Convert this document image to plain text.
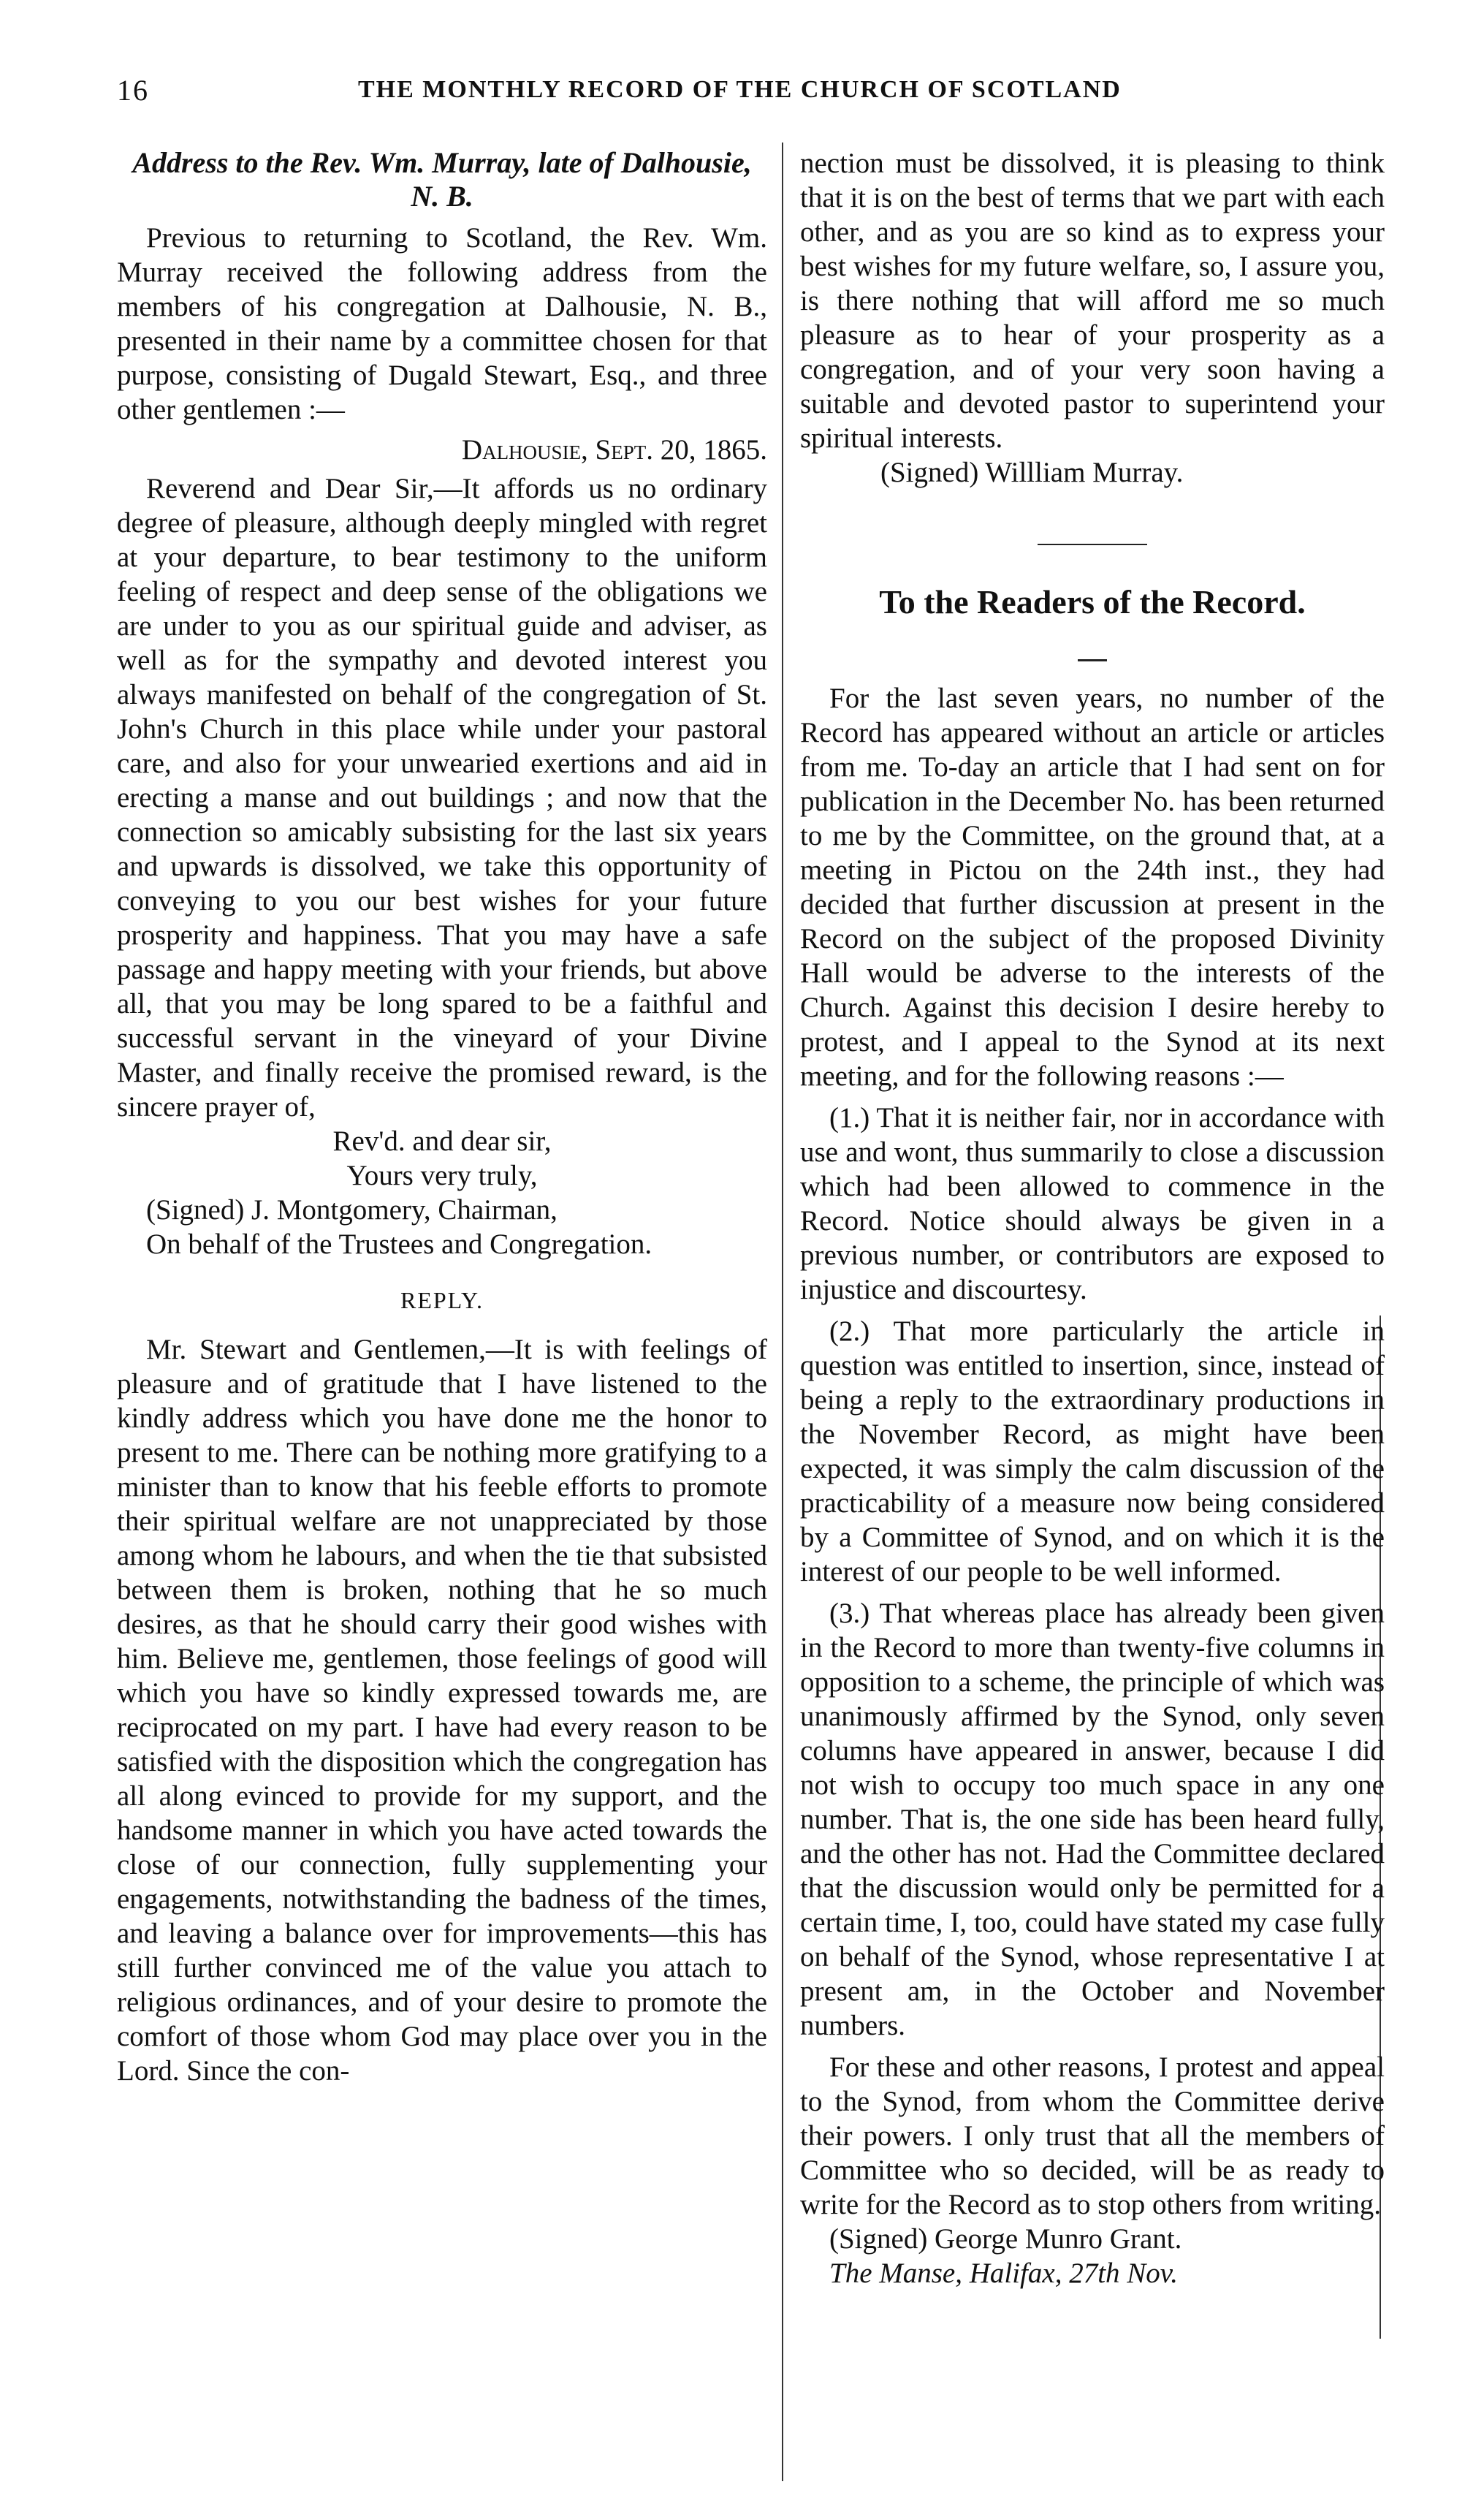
16	THE MONTHLY RECORD OF THE CHURCH OF SCOTLAND
Address to the Rev. Wm. Murray, late of Dalhousie, N. B.

Previous to returning to Scotland, the Rev. Wm. Murray received the following address from the members of his congregation at Dalhousie, N. B., presented in their name by a committee chosen for that purpose, consisting of Dugald Stewart, Esq., and three other gentlemen :—

Dalhousie, Sept. 20, 1865.

Reverend and Dear Sir,—It affords us no ordinary degree of pleasure, although deeply mingled with regret at your departure, to bear testimony to the uniform feeling of respect and deep sense of the obligations we are under to you as our spiritual guide and adviser, as well as for the sympathy and devoted interest you always manifested on behalf of the congregation of St. John's Church in this place while under your pastoral care, and also for your unwearied exertions and aid in erecting a manse and out buildings ; and now that the connection so amicably subsisting for the last six years and upwards is dissolved, we take this opportunity of conveying to you our best wishes for your future prosperity and happiness. That you may have a safe passage and happy meeting with your friends, but above all, that you may be long spared to be a faithful and successful servant in the vineyard of your Divine Master, and finally receive the promised reward, is the sincere prayer of,

Rev'd. and dear sir,

Yours very truly,

(Signed) J. Montgomery, Chairman,

On behalf of the Trustees and Congregation.

REPLY.

Mr. Stewart and Gentlemen,—It is with feelings of pleasure and of gratitude that I have listened to the kindly address which you have done me the honor to present to me. There can be nothing more gratifying to a minister than to know that his feeble efforts to promote their spiritual welfare are not unappreciated by those among whom he labours, and when the tie that subsisted between them is broken, nothing that he so much desires, as that he should carry their good wishes with him. Believe me, gentlemen, those feelings of good will which you have so kindly expressed towards me, are reciprocated on my part. I have had every reason to be satisfied with the disposition which the congregation has all along evinced to provide for my support, and the handsome manner in which you have acted towards the close of our connection, fully supplementing your engagements, notwithstanding the badness of the times, and leaving a balance over for improvements—this has still further convinced me of the value you attach to religious ordinances, and of your desire to promote the comfort of those whom God may place over you in the Lord. Since the con-

nection must be dissolved, it is pleasing to think that it is on the best of terms that we part with each other, and as you are so kind as to express your best wishes for my future welfare, so, I assure you, is there nothing that will afford me so much pleasure as to hear of your prosperity as a congregation, and of your very soon having a suitable and devoted pastor to superintend your spiritual interests.

(Signed) Willliam Murray.

To the Readers of the Record.

For the last seven years, no number of the Record has appeared without an article or articles from me. To-day an article that I had sent on for publication in the December No. has been returned to me by the Committee, on the ground that, at a meeting in Pictou on the 24th inst., they had decided that further discussion at present in the Record on the subject of the proposed Divinity Hall would be adverse to the interests of the Church. Against this decision I desire hereby to protest, and I appeal to the Synod at its next meeting, and for the following reasons :—

(1.) That it is neither fair, nor in accordance with use and wont, thus summarily to close a discussion which had been allowed to commence in the Record. Notice should always be given in a previous number, or contributors are exposed to injustice and discourtesy.

(2.) That more particularly the article in question was entitled to insertion, since, instead of being a reply to the extraordinary productions in the November Record, as might have been expected, it was simply the calm discussion of the practicability of a measure now being considered by a Committee of Synod, and on which it is the interest of our people to be well informed.

(3.) That whereas place has already been given in the Record to more than twenty-five columns in opposition to a scheme, the principle of which was unanimously affirmed by the Synod, only seven columns have appeared in answer, because I did not wish to occupy too much space in any one number. That is, the one side has been heard fully, and the other has not. Had the Committee declared that the discussion would only be permitted for a certain time, I, too, could have stated my case fully on behalf of the Synod, whose representative I at present am, in the October and November numbers.

For these and other reasons, I protest and appeal to the Synod, from whom the Committee derive their powers. I only trust that all the members of Committee who so decided, will be as ready to write for the Record as to stop others from writing.

(Signed) George Munro Grant.

The Manse, Halifax, 27th Nov.
